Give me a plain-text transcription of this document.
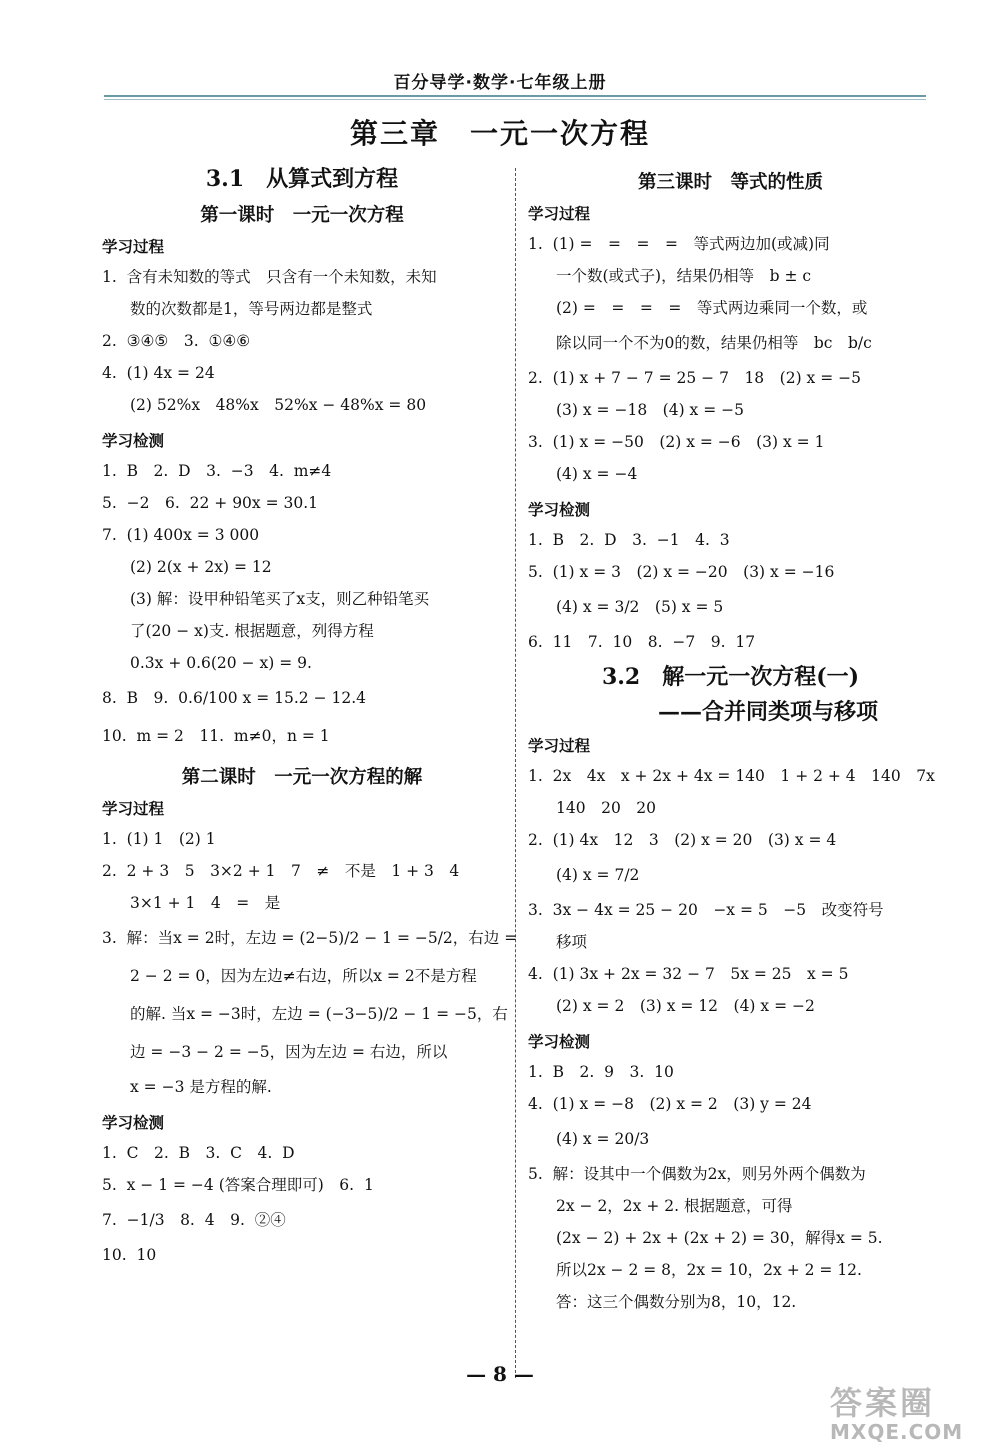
百分导学·数学·七年级上册
第三章　一元一次方程
3.1　从算式到方程
第一课时　一元一次方程
学习过程

1.  含有未知数的等式　只含有一个未知数，未知

数的次数都是1，等号两边都是整式

2.  ③④⑤　3.  ①④⑥

4.  (1) 4x = 24

(2) 52%x　48%x　52%x − 48%x = 80

学习检测

1.  B　2.  D　3.  −3　4.  m≠4

5.  −2　6.  22 + 90x = 30.1

7.  (1) 400x = 3 000

(2) 2(x + 2x) = 12

(3) 解：设甲种铅笔买了x支，则乙种铅笔买

了(20 − x)支. 根据题意，列得方程

0.3x + 0.6(20 − x) = 9.

8.  B　9.  0.6/100 x = 15.2 − 12.4

10.  m = 2　11.  m≠0，n = 1

第二课时　一元一次方程的解
学习过程

1.  (1) 1　(2) 1

2.  2 + 3　5　3×2 + 1　7　≠　不是　1 + 3　4

3×1 + 1　4　=　是

3.  解：当x = 2时，左边 = (2−5)/2 − 1 = −5/2，右边 =

2 − 2 = 0，因为左边≠右边，所以x = 2不是方程

的解. 当x = −3时，左边 = (−3−5)/2 − 1 = −5，右

边 = −3 − 2 = −5，因为左边 = 右边，所以

x = −3 是方程的解.

学习检测

1.  C　2.  B　3.  C　4.  D

5.  x − 1 = −4 (答案合理即可)　6.  1

7.  −1/3　8.  4　9.  ②④

10.  10

第三课时　等式的性质
学习过程

1.  (1) =　=　=　=　等式两边加(或减)同

一个数(或式子)，结果仍相等　b ± c

(2) =　=　=　=　等式两边乘同一个数，或

除以同一个不为0的数，结果仍相等　bc　b/c

2.  (1) x + 7 − 7 = 25 − 7　18　(2) x = −5

(3) x = −18　(4) x = −5

3.  (1) x = −50　(2) x = −6　(3) x = 1

(4) x = −4

学习检测

1.  B　2.  D　3.  −1　4.  3

5.  (1) x = 3　(2) x = −20　(3) x = −16

(4) x = 3/2　(5) x = 5

6.  11　7.  10　8.  −7　9.  17

3.2　解一元一次方程(一)
——合并同类项与移项
学习过程

1.  2x　4x　x + 2x + 4x = 140　1 + 2 + 4　140　7x

140　20　20

2.  (1) 4x　12　3　(2) x = 20　(3) x = 4

(4) x = 7/2

3.  3x − 4x = 25 − 20　−x = 5　−5　改变符号

移项

4.  (1) 3x + 2x = 32 − 7　5x = 25　x = 5

(2) x = 2　(3) x = 12　(4) x = −2

学习检测

1.  B　2.  9　3.  10

4.  (1) x = −8　(2) x = 2　(3) y = 24

(4) x = 20/3

5.  解：设其中一个偶数为2x，则另外两个偶数为

2x − 2，2x + 2. 根据题意，可得

(2x − 2) + 2x + (2x + 2) = 30，解得x = 5.

所以2x − 2 = 8，2x = 10，2x + 2 = 12.

答：这三个偶数分别为8，10，12.

— 8 —
答案圈
MXQE.COM
